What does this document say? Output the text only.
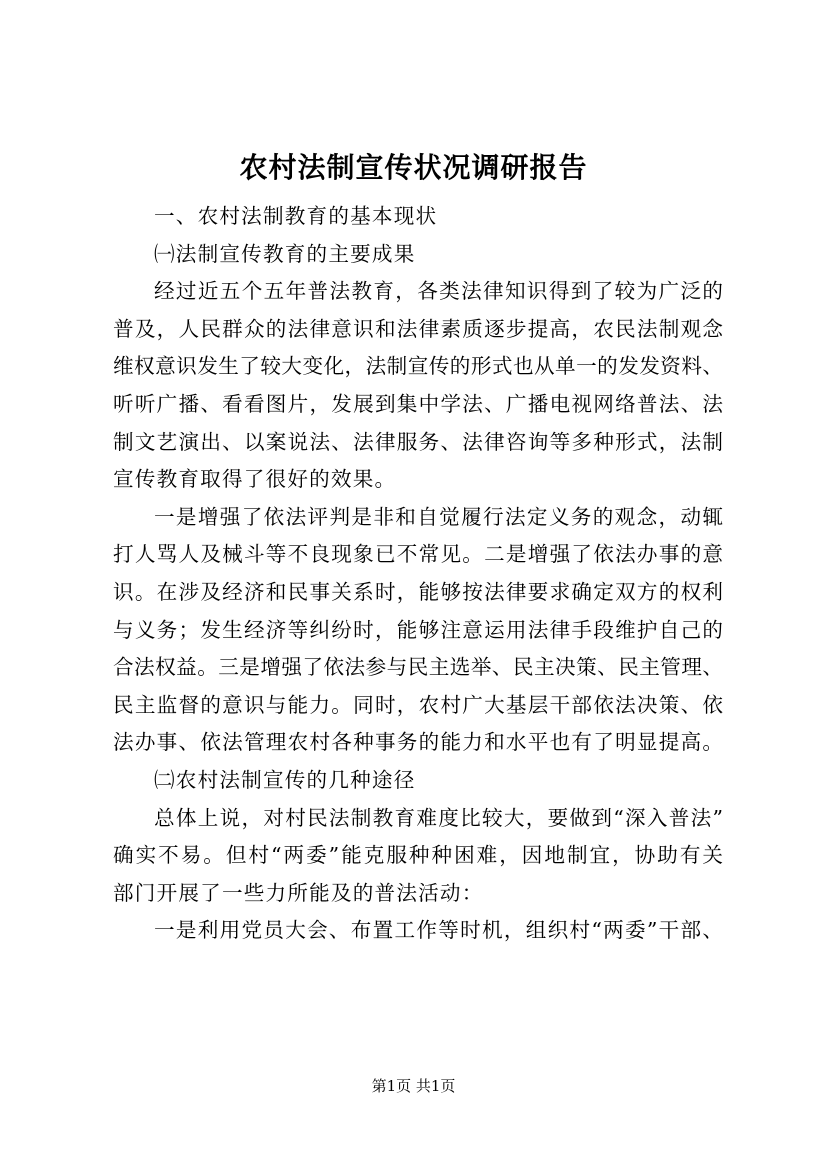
农村法制宣传状况调研报告
一、农村法制教育的基本现状
㈠法制宣传教育的主要成果
经过近五个五年普法教育，各类法律知识得到了较为广泛的
普及，人民群众的法律意识和法律素质逐步提高，农民法制观念
维权意识发生了较大变化，法制宣传的形式也从单一的发发资料、
听听广播、看看图片，发展到集中学法、广播电视网络普法、法
制文艺演出、以案说法、法律服务、法律咨询等多种形式，法制
宣传教育取得了很好的效果。
一是增强了依法评判是非和自觉履行法定义务的观念，动辄
打人骂人及械斗等不良现象已不常见。二是增强了依法办事的意
识。在涉及经济和民事关系时，能够按法律要求确定双方的权利
与义务；发生经济等纠纷时，能够注意运用法律手段维护自己的
合法权益。三是增强了依法参与民主选举、民主决策、民主管理、
民主监督的意识与能力。同时，农村广大基层干部依法决策、依
法办事、依法管理农村各种事务的能力和水平也有了明显提高。
㈡农村法制宣传的几种途径
总体上说，对村民法制教育难度比较大，要做到“深入普法”
确实不易。但村“两委”能克服种种困难，因地制宜，协助有关
部门开展了一些力所能及的普法活动：
一是利用党员大会、布置工作等时机，组织村“两委”干部、
第1页 共1页
